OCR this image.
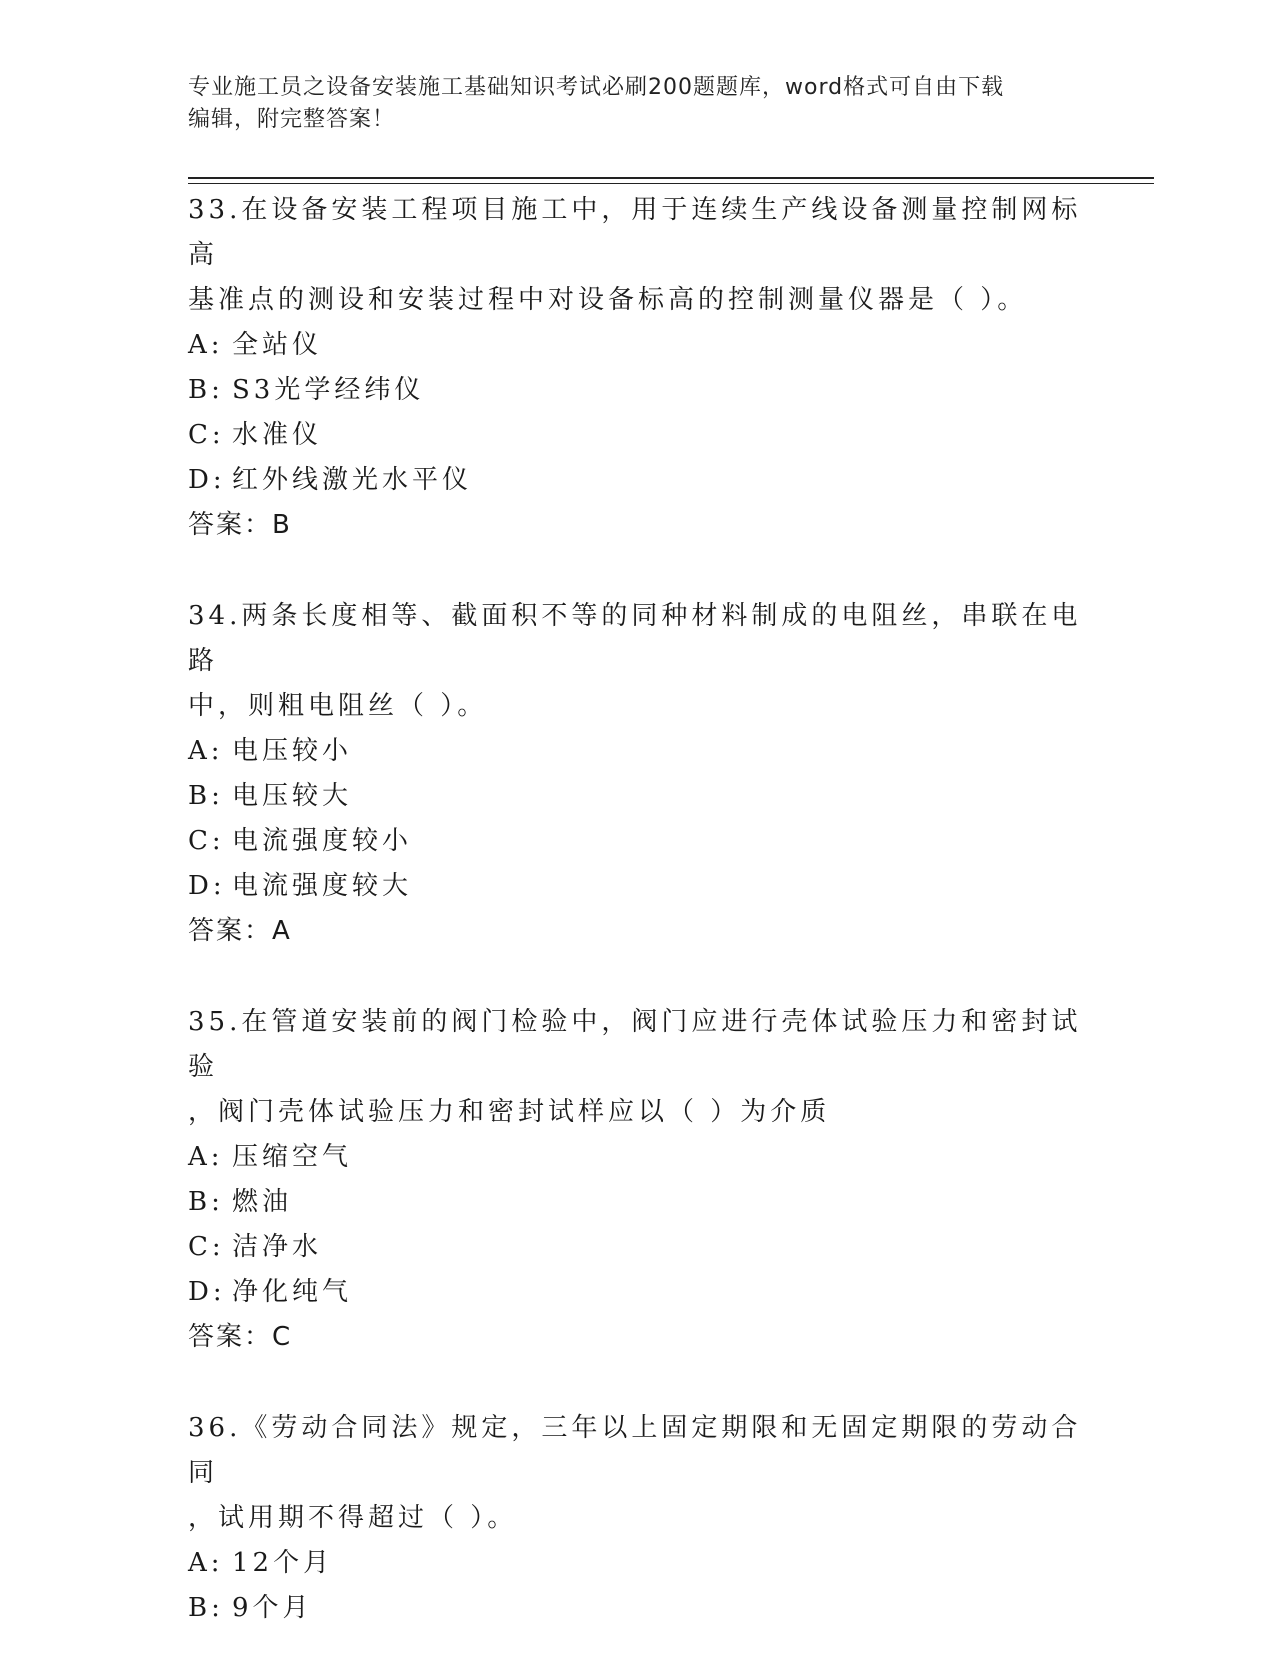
专业施工员之设备安装施工基础知识考试必刷200题题库，word格式可自由下载
编辑，附完整答案！

33.在设备安装工程项目施工中，用于连续生产线设备测量控制网标高

基准点的测设和安装过程中对设备标高的控制测量仪器是（ ）。

A: 全站仪

B: S3光学经纬仪

C: 水准仪

D: 红外线激光水平仪

答案：B

34.两条长度相等、截面积不等的同种材料制成的电阻丝，串联在电路

中，则粗电阻丝（ ）。

A: 电压较小

B: 电压较大

C: 电流强度较小

D: 电流强度较大

答案：A

35.在管道安装前的阀门检验中，阀门应进行壳体试验压力和密封试验

，阀门壳体试验压力和密封试样应以（ ）为介质

A: 压缩空气

B: 燃油

C: 洁净水

D: 净化纯气

答案：C

36.《劳动合同法》规定，三年以上固定期限和无固定期限的劳动合同

，试用期不得超过（ ）。

A: 12个月

B: 9个月
